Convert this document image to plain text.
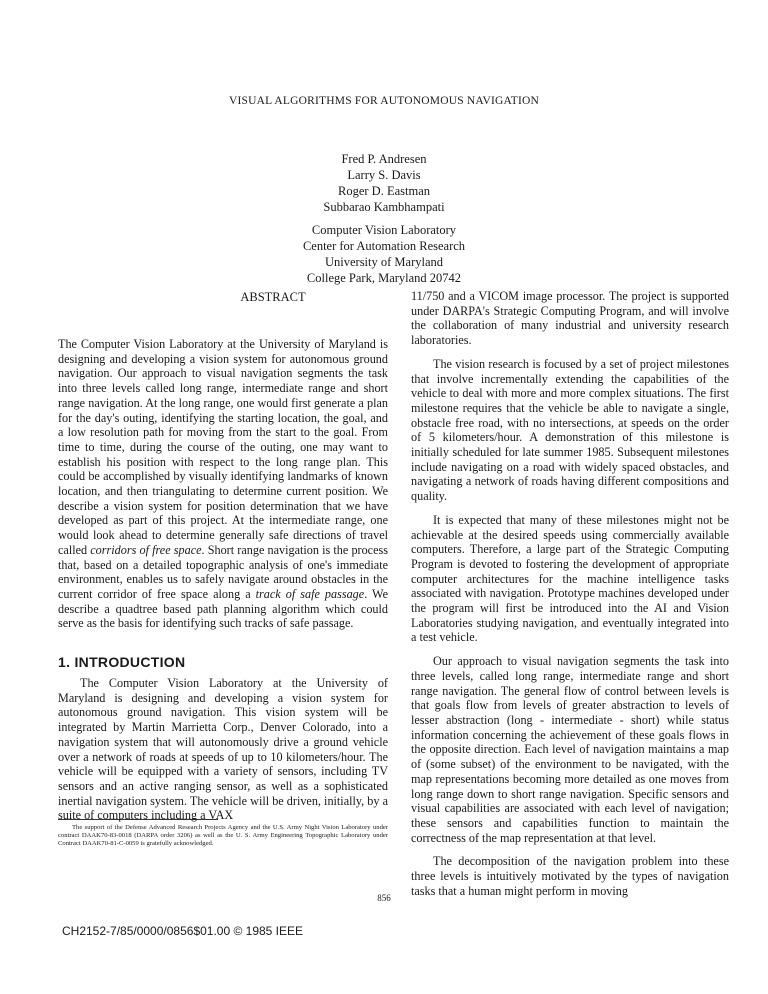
VISUAL ALGORITHMS FOR AUTONOMOUS NAVIGATION
Fred P. Andresen
Larry S. Davis
Roger D. Eastman
Subbarao Kambhampati
Computer Vision Laboratory
Center for Automation Research
University of Maryland
College Park, Maryland 20742
ABSTRACT

The Computer Vision Laboratory at the University of Maryland is designing and developing a vision system for autonomous ground navigation. Our approach to visual navigation segments the task into three levels called long range, intermediate range and short range navigation. At the long range, one would first generate a plan for the day's outing, identifying the starting location, the goal, and a low resolution path for moving from the start to the goal. From time to time, during the course of the outing, one may want to establish his position with respect to the long range plan. This could be accomplished by visually identifying landmarks of known location, and then triangulating to determine current position. We describe a vision system for position determination that we have developed as part of this project. At the intermediate range, one would look ahead to determine generally safe directions of travel called corridors of free space. Short range navigation is the process that, based on a detailed topographic analysis of one's immediate environment, enables us to safely navigate around obstacles in the current corridor of free space along a track of safe passage. We describe a quadtree based path planning algorithm which could serve as the basis for identifying such tracks of safe passage.

1. INTRODUCTION

The Computer Vision Laboratory at the University of Maryland is designing and developing a vision system for autonomous ground navigation. This vision system will be integrated by Martin Marrietta Corp., Denver Colorado, into a navigation system that will autonomously drive a ground vehicle over a network of roads at speeds of up to 10 kilometers/hour. The vehicle will be equipped with a variety of sensors, including TV sensors and an active ranging sensor, as well as a sophisticated inertial navigation system. The vehicle will be driven, initially, by a suite of computers including a VAX

The support of the Defense Advanced Research Projects Agency and the U.S. Army Night Vision Laboratory under contract DAAK70-83-0018 (DARPA order 3206) as well as the U. S. Army Engineering Topographic Laboratory under Contract DAAK70-81-C-0059 is gratefully acknowledged.

11/750 and a VICOM image processor. The project is supported under DARPA's Strategic Computing Program, and will involve the collaboration of many industrial and university research laboratories.

The vision research is focused by a set of project milestones that involve incrementally extending the capabilities of the vehicle to deal with more and more complex situations. The first milestone requires that the vehicle be able to navigate a single, obstacle free road, with no intersections, at speeds on the order of 5 kilometers/hour. A demonstration of this milestone is initially scheduled for late summer 1985. Subsequent milestones include navigating on a road with widely spaced obstacles, and navigating a network of roads having different compositions and quality.

It is expected that many of these milestones might not be achievable at the desired speeds using commercially available computers. Therefore, a large part of the Strategic Computing Program is devoted to fostering the development of appropriate computer architectures for the machine intelligence tasks associated with navigation. Prototype machines developed under the program will first be introduced into the AI and Vision Laboratories studying navigation, and eventually integrated into a test vehicle.

Our approach to visual navigation segments the task into three levels, called long range, intermediate range and short range navigation. The general flow of control between levels is that goals flow from levels of greater abstraction to levels of lesser abstraction (long - intermediate - short) while status information concerning the achievement of these goals flows in the opposite direction. Each level of navigation maintains a map of (some subset) of the environment to be navigated, with the map representations becoming more detailed as one moves from long range down to short range navigation. Specific sensors and visual capabilities are associated with each level of navigation; these sensors and capabilities function to maintain the correctness of the map representation at that level.

The decomposition of the navigation problem into these three levels is intuitively motivated by the types of navigation tasks that a human might perform in moving

856
CH2152-7/85/0000/0856$01.00 © 1985 IEEE
